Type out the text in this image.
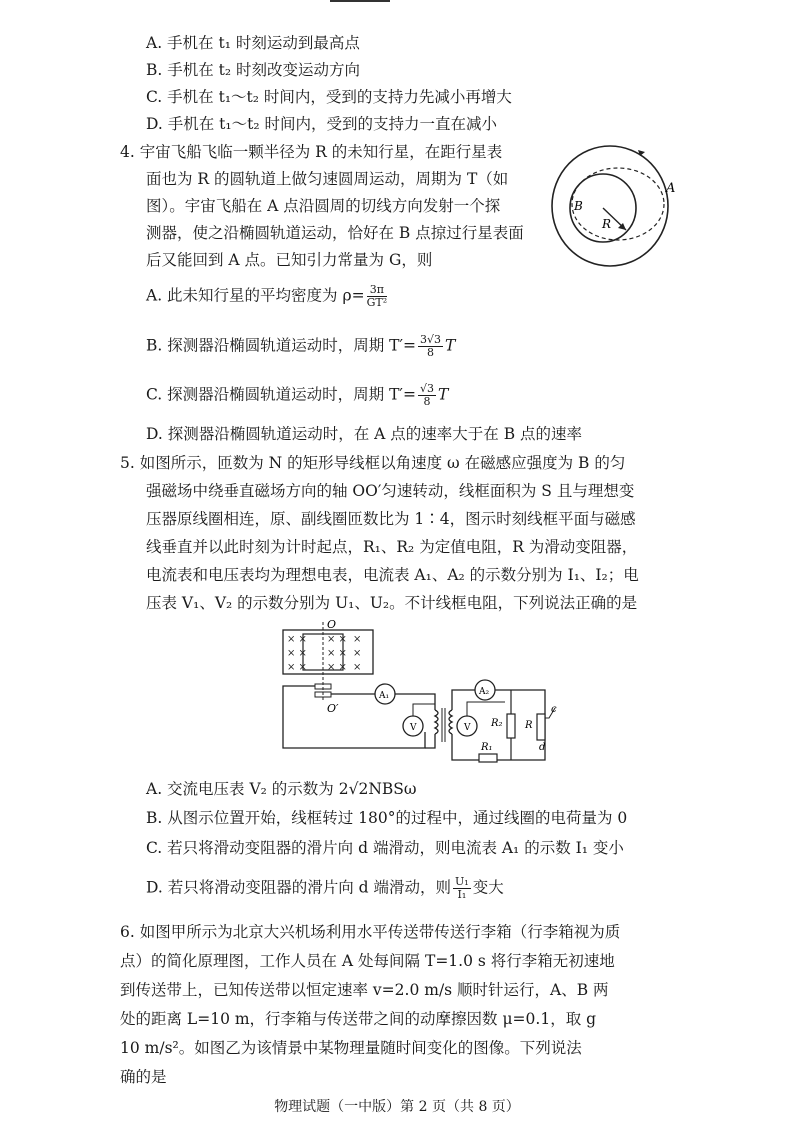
A. 手机在 t₁ 时刻运动到最高点
B. 手机在 t₂ 时刻改变运动方向
C. 手机在 t₁～t₂ 时间内，受到的支持力先减小再增大
D. 手机在 t₁～t₂ 时间内，受到的支持力一直在减小
4. 宇宙飞船飞临一颗半径为 R 的未知行星，在距行星表
面也为 R 的圆轨道上做匀速圆周运动，周期为 T（如
图）。宇宙飞船在 A 点沿圆周的切线方向发射一个探
测器，使之沿椭圆轨道运动，恰好在 B 点掠过行星表面
后又能回到 A 点。已知引力常量为 G，则
A
B
R
A. 此未知行星的平均密度为 $\rho= \frac{3\pi}{\text{GT²}}$
B. 探测器沿椭圆轨道运动时，周期 $T'= \frac{3√3}{8}$ T
C. 探测器沿椭圆轨道运动时，周期 $T'= \frac{√3}{8}$ T
D. 探测器沿椭圆轨道运动时，在 A 点的速率大于在 B 点的速率
5. 如图所示，匝数为 N 的矩形导线框以角速度 ω 在磁感应强度为 B 的匀
强磁场中绕垂直磁场方向的轴 OO′匀速转动，线框面积为 S 且与理想变
压器原线圈相连，原、副线圈匝数比为 1∶4，图示时刻线框平面与磁感
线垂直并以此时刻为计时起点，R₁、R₂ 为定值电阻，R 为滑动变阻器，
电流表和电压表均为理想电表，电流表 A₁、A₂ 的示数分别为 I₁、I₂；电
压表 V₁、V₂ 的示数分别为 U₁、U₂。不计线框电阻，下列说法正确的是
× × × × ×
× × × × ×
× × × × ×
O
O′
A₁
V
A₂
V
R₁
R₂ R
c
d
A. 交流电压表 V₂ 的示数为 2√2NBSω
B. 从图示位置开始，线框转过 180°的过程中，通过线圈的电荷量为 0
C. 若只将滑动变阻器的滑片向 d 端滑动，则电流表 A₁ 的示数 I₁ 变小
D. 若只将滑动变阻器的滑片向 d 端滑动，则 $\frac{\text{U₁}}{\text{I₁}}$ 变大
6. 如图甲所示为北京大兴机场利用水平传送带传送行李箱（行李箱视为质
点）的简化原理图，工作人员在 A 处每间隔 T=1.0 s 将行李箱无初速地
到传送带上，已知传送带以恒定速率 v=2.0 m/s 顺时针运行，A、B 两
处的距离 L=10 m，行李箱与传送带之间的动摩擦因数 μ=0.1，取 g
10 m/s²。如图乙为该情景中某物理量随时间变化的图像。下列说法
确的是
物理试题（一中版）第 2 页（共 8 页）
